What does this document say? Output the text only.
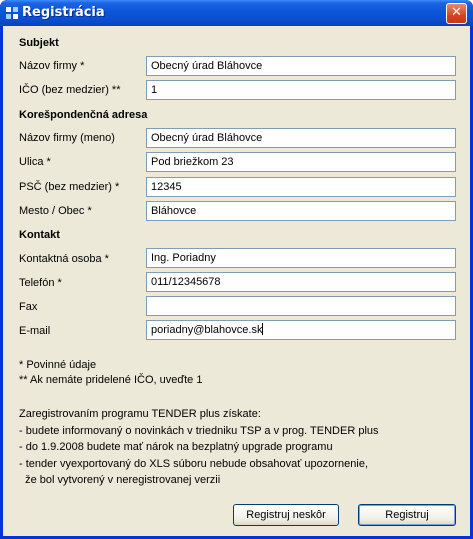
Registrácia	✕
Subjekt
Názov firmy *	Obecný úrad Bláhovce
IČO (bez medzier) **	1
Korešpondenčná adresa
Názov firmy (meno)	Obecný úrad Bláhovce
Ulica *	Pod briežkom 23
PSČ (bez medzier) *	12345
Mesto / Obec *	Bláhovce
Kontakt
Kontaktná osoba *	Ing. Poriadny
Telefón *	011/12345678
Fax
E-mail	poriadny@blahovce.sk
* Povinné údaje
** Ak nemáte pridelené IČO, uveďte 1
Zaregistrovaním programu TENDER plus získate:
- budete informovaný o novinkách v triedniku TSP a v prog. TENDER plus
- do 1.9.2008 budete mať nárok na bezplatný upgrade programu
- tender vyexportovaný do XLS súboru nebude obsahovať upozornenie,
že bol vytvorený v neregistrovanej verzii
Registruj neskôr	Registruj
